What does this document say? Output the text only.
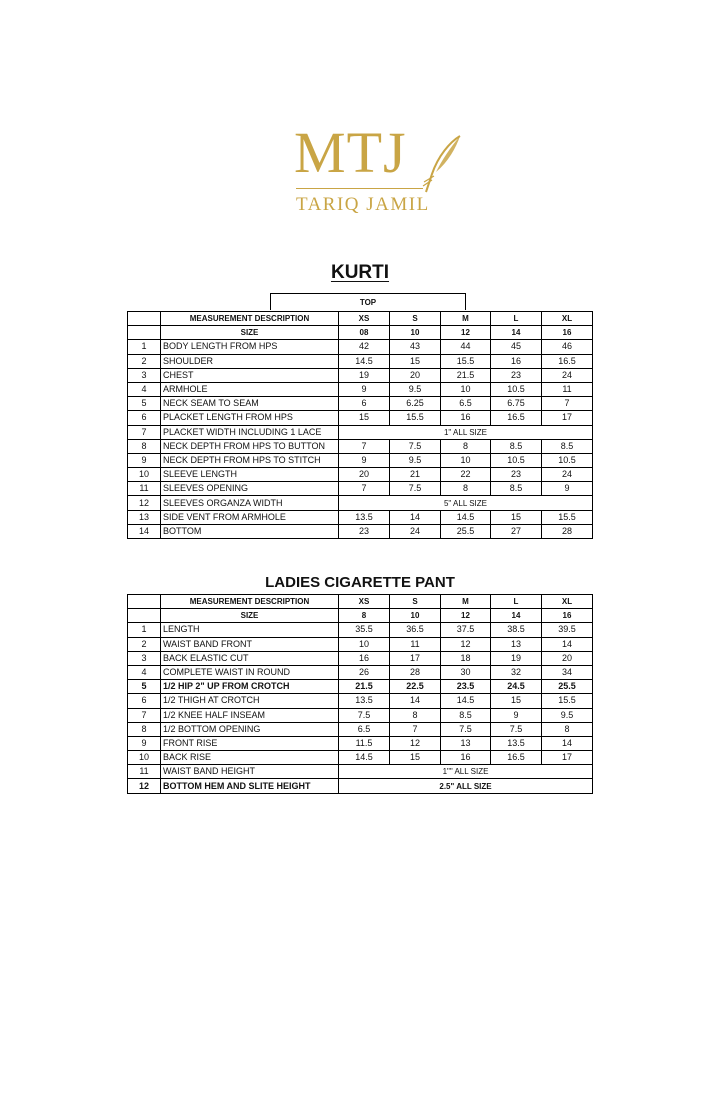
MTJ
TARIQ JAMIL
KURTI
TOP
	MEASUREMENT DESCRIPTION	XS	S	M	L	XL
	SIZE	08	10	12	14	16
1	BODY LENGTH FROM HPS	42	43	44	45	46
2	SHOULDER	14.5	15	15.5	16	16.5
3	CHEST	19	20	21.5	23	24
4	ARMHOLE	9	9.5	10	10.5	11
5	NECK SEAM TO SEAM	6	6.25	6.5	6.75	7
6	PLACKET LENGTH FROM HPS	15	15.5	16	16.5	17
7	PLACKET WIDTH INCLUDING 1 LACE	1" ALL SIZE				
8	NECK DEPTH FROM HPS TO BUTTON	7	7.5	8	8.5	8.5
9	NECK DEPTH FROM HPS TO STITCH	9	9.5	10	10.5	10.5
10	SLEEVE LENGTH	20	21	22	23	24
11	SLEEVES OPENING	7	7.5	8	8.5	9
12	SLEEVES ORGANZA WIDTH	5" ALL SIZE				
13	SIDE VENT FROM ARMHOLE	13.5	14	14.5	15	15.5
14	BOTTOM	23	24	25.5	27	28
LADIES CIGARETTE PANT
	MEASUREMENT DESCRIPTION	XS	S	M	L	XL
	SIZE	8	10	12	14	16
1	LENGTH	35.5	36.5	37.5	38.5	39.5
2	WAIST BAND FRONT	10	11	12	13	14
3	BACK ELASTIC CUT	16	17	18	19	20
4	COMPLETE WAIST IN ROUND	26	28	30	32	34
5	1/2 HIP 2" UP FROM CROTCH	21.5	22.5	23.5	24.5	25.5
6	1/2 THIGH AT CROTCH	13.5	14	14.5	15	15.5
7	1/2 KNEE HALF INSEAM	7.5	8	8.5	9	9.5
8	1/2 BOTTOM OPENING	6.5	7	7.5	7.5	8
9	FRONT RISE	11.5	12	13	13.5	14
10	BACK RISE	14.5	15	16	16.5	17
11	WAIST BAND HEIGHT	1"" ALL SIZE				
12	BOTTOM HEM AND SLITE HEIGHT	2.5" ALL SIZE				
